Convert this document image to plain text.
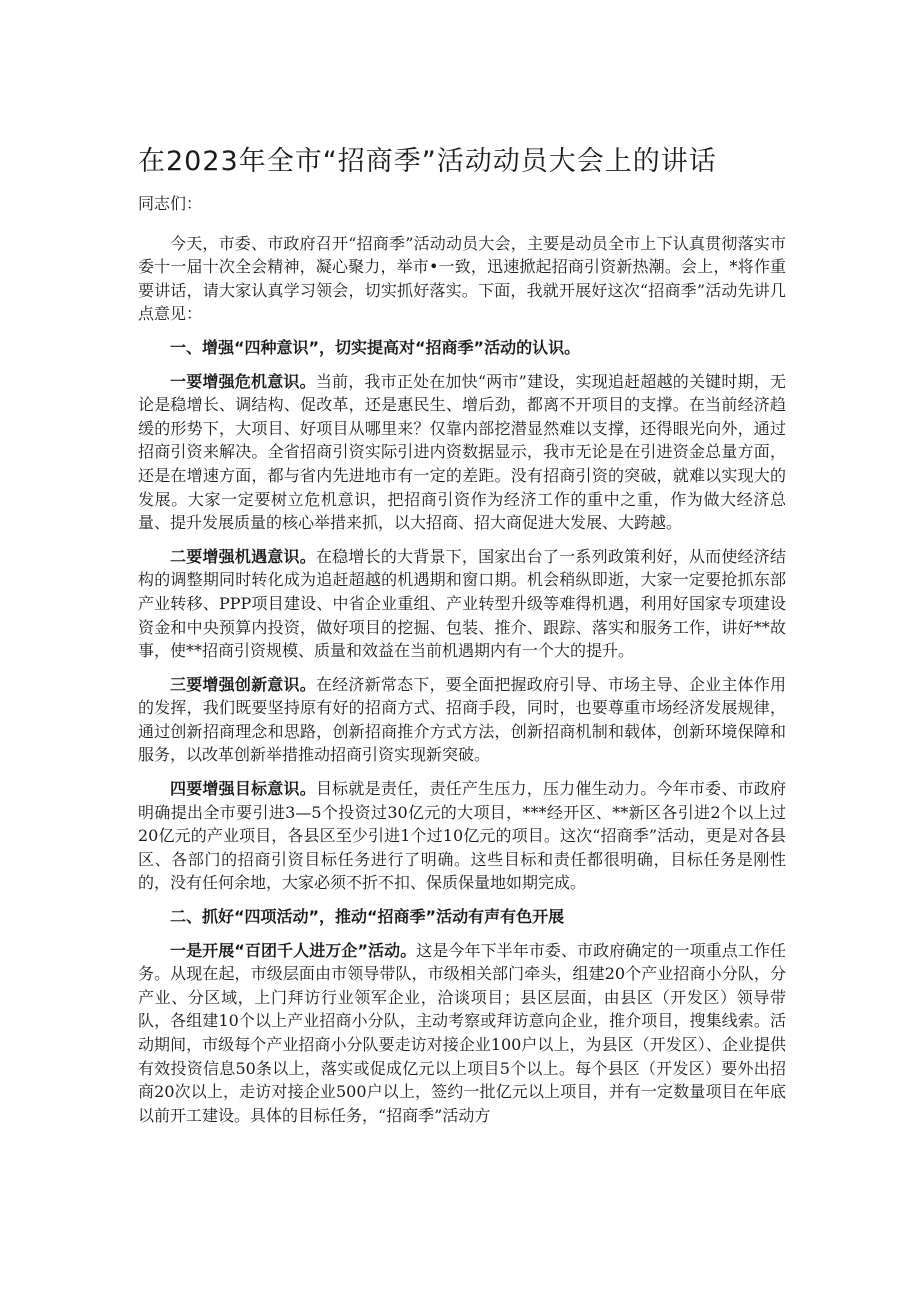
在2023年全市“招商季”活动动员大会上的讲话

同志们：

今天，市委、市政府召开“招商季”活动动员大会，主要是动员全市上下认真贯彻落实市委十一届十次全会精神，凝心聚力，举市•一致，迅速掀起招商引资新热潮。会上，*将作重要讲话，请大家认真学习领会，切实抓好落实。下面，我就开展好这次“招商季”活动先讲几点意见：

一、增强“四种意识”，切实提高对“招商季”活动的认识。

一要增强危机意识。当前，我市正处在加快“两市”建设，实现追赶超越的关键时期，无论是稳增长、调结构、促改革，还是惠民生、增后劲，都离不开项目的支撑。在当前经济趋缓的形势下，大项目、好项目从哪里来？仅靠内部挖潜显然难以支撑，还得眼光向外，通过招商引资来解决。全省招商引资实际引进内资数据显示，我市无论是在引进资金总量方面，还是在增速方面，都与省内先进地市有一定的差距。没有招商引资的突破，就难以实现大的发展。大家一定要树立危机意识，把招商引资作为经济工作的重中之重，作为做大经济总量、提升发展质量的核心举措来抓，以大招商、招大商促进大发展、大跨越。

二要增强机遇意识。在稳增长的大背景下，国家出台了一系列政策利好，从而使经济结构的调整期同时转化成为追赶超越的机遇期和窗口期。机会稍纵即逝，大家一定要抢抓东部产业转移、PPP项目建设、中省企业重组、产业转型升级等难得机遇，利用好国家专项建设资金和中央预算内投资，做好项目的挖掘、包装、推介、跟踪、落实和服务工作，讲好**故事，使**招商引资规模、质量和效益在当前机遇期内有一个大的提升。

三要增强创新意识。在经济新常态下，要全面把握政府引导、市场主导、企业主体作用的发挥，我们既要坚持原有好的招商方式、招商手段，同时，也要尊重市场经济发展规律，通过创新招商理念和思路，创新招商推介方式方法，创新招商机制和载体，创新环境保障和服务，以改革创新举措推动招商引资实现新突破。

四要增强目标意识。目标就是责任，责任产生压力，压力催生动力。今年市委、市政府明确提出全市要引进3—5个投资过30亿元的大项目，***经开区、**新区各引进2个以上过20亿元的产业项目，各县区至少引进1个过10亿元的项目。这次“招商季”活动，更是对各县区、各部门的招商引资目标任务进行了明确。这些目标和责任都很明确，目标任务是刚性的，没有任何余地，大家必须不折不扣、保质保量地如期完成。

二、抓好“四项活动”，推动“招商季”活动有声有色开展

一是开展“百团千人进万企”活动。这是今年下半年市委、市政府确定的一项重点工作任务。从现在起，市级层面由市领导带队，市级相关部门牵头，组建20个产业招商小分队，分产业、分区域，上门拜访行业领军企业，洽谈项目；县区层面，由县区（开发区）领导带队，各组建10个以上产业招商小分队，主动考察或拜访意向企业，推介项目，搜集线索。活动期间，市级每个产业招商小分队要走访对接企业100户以上，为县区（开发区）、企业提供有效投资信息50条以上，落实或促成亿元以上项目5个以上。每个县区（开发区）要外出招商20次以上，走访对接企业500户以上，签约一批亿元以上项目，并有一定数量项目在年底以前开工建设。具体的目标任务，“招商季”活动方
